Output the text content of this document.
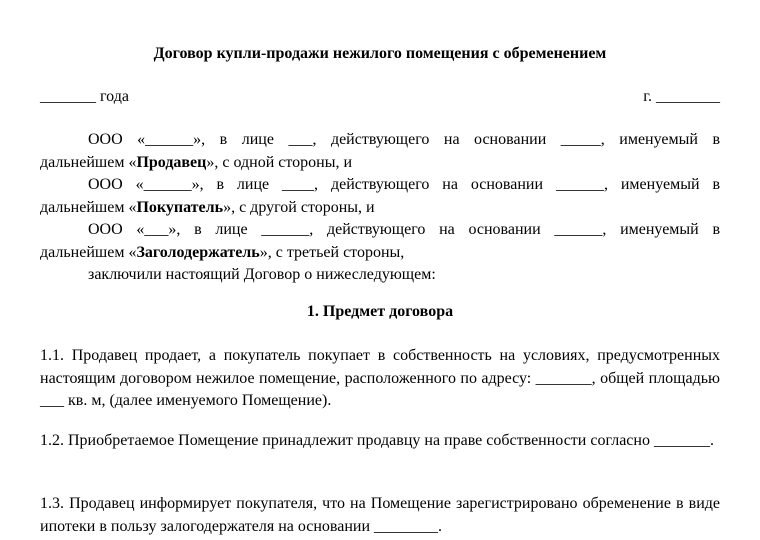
Договор купли-продажи нежилого помещения с обременением
_______ года	г. ________

ООО «______», в лице ___, действующего на основании _____, именуемый в

дальнейшем «Продавец», с одной стороны, и

ООО «______», в лице ____, действующего на основании ______, именуемый в

дальнейшем «Покупатель», с другой стороны, и

ООО «___», в лице ______, действующего на основании ______, именуемый в

дальнейшем «Заголодержатель», с третьей стороны,

заключили настоящий Договор о нижеследующем:

1. Предмет договора

1.1. Продавец продает, а покупатель покупает в собственность на условиях, предусмотренных настоящим договором нежилое помещение, расположенного по адресу: _______, общей площадью ___ кв. м, (далее именуемого Помещение).

1.2. Приобретаемое Помещение принадлежит продавцу на праве собственности согласно _______.

1.3. Продавец информирует покупателя, что на Помещение зарегистрировано обременение в виде ипотеки в пользу залогодержателя на основании ________.
